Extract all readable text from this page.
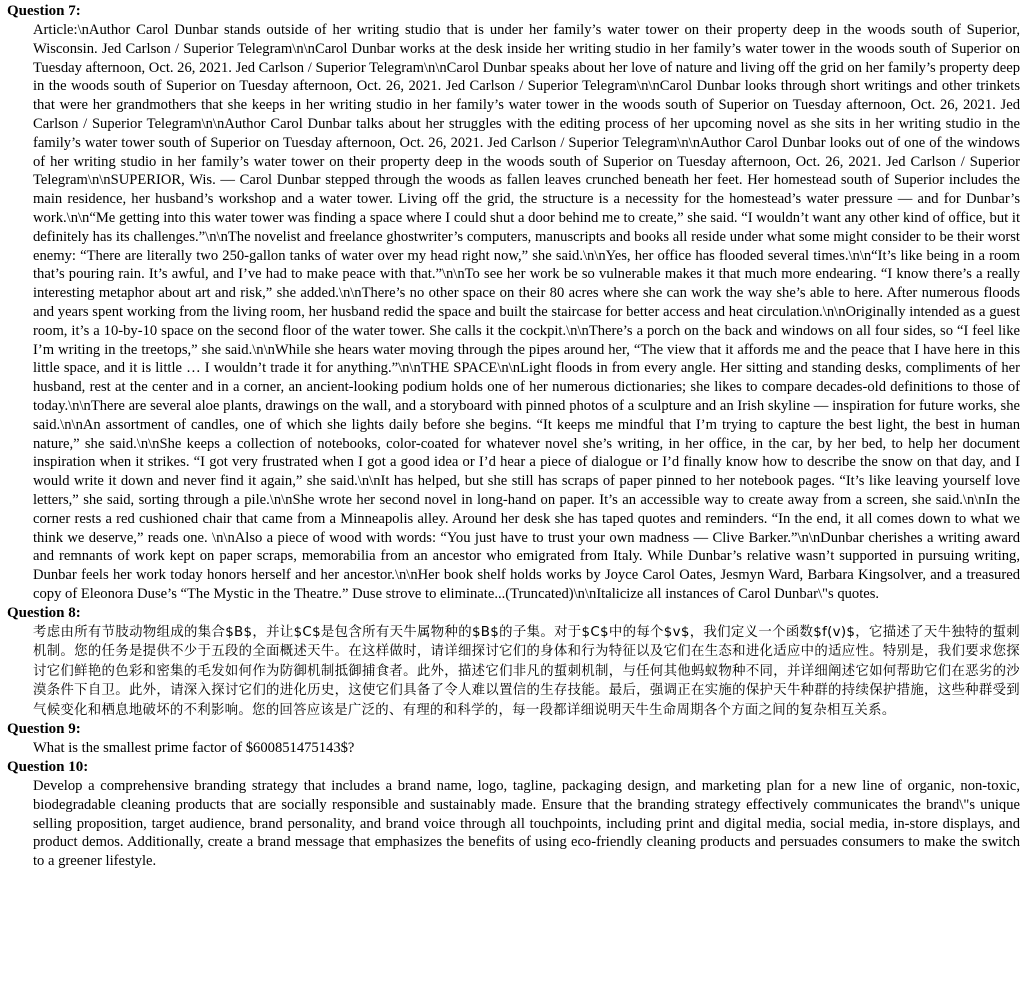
Question 7:

Article:\nAuthor Carol Dunbar stands outside of her writing studio that is under her family’s water tower on their property deep in the woods south of Superior, Wisconsin. Jed Carlson / Superior Telegram\n\nCarol Dunbar works at the desk inside her writing studio in her family’s water tower in the woods south of Superior on Tuesday afternoon, Oct. 26, 2021. Jed Carlson / Superior Telegram\n\nCarol Dunbar speaks about her love of nature and living off the grid on her family’s property deep in the woods south of Superior on Tuesday afternoon, Oct. 26, 2021. Jed Carlson / Superior Telegram\n\nCarol Dunbar looks through short writings and other trinkets that were her grandmothers that she keeps in her writing studio in her family’s water tower in the woods south of Superior on Tuesday afternoon, Oct. 26, 2021. Jed Carlson / Superior Telegram\n\nAuthor Carol Dunbar talks about her struggles with the editing process of her upcoming novel as she sits in her writing studio in the family’s water tower south of Superior on Tuesday afternoon, Oct. 26, 2021. Jed Carlson / Superior Telegram\n\nAuthor Carol Dunbar looks out of one of the windows of her writing studio in her family’s water tower on their property deep in the woods south of Superior on Tuesday afternoon, Oct. 26, 2021. Jed Carlson / Superior Telegram\n\nSUPERIOR, Wis. — Carol Dunbar stepped through the woods as fallen leaves crunched beneath her feet. Her homestead south of Superior includes the main residence, her husband’s workshop and a water tower. Living off the grid, the structure is a necessity for the homestead’s water pressure — and for Dunbar’s work.\n\n“Me getting into this water tower was finding a space where I could shut a door behind me to create,” she said. “I wouldn’t want any other kind of office, but it definitely has its challenges.”\n\nThe novelist and freelance ghostwriter’s computers, manuscripts and books all reside under what some might consider to be their worst enemy: “There are literally two 250-gallon tanks of water over my head right now,” she said.\n\nYes, her office has flooded several times.\n\n“It’s like being in a room that’s pouring rain. It’s awful, and I’ve had to make peace with that.”\n\nTo see her work be so vulnerable makes it that much more endearing. “I know there’s a really interesting metaphor about art and risk,” she added.\n\nThere’s no other space on their 80 acres where she can work the way she’s able to here. After numerous floods and years spent working from the living room, her husband redid the space and built the staircase for better access and heat circulation.\n\nOriginally intended as a guest room, it’s a 10-by-10 space on the second floor of the water tower. She calls it the cockpit.\n\nThere’s a porch on the back and windows on all four sides, so “I feel like I’m writing in the treetops,” she said.\n\nWhile she hears water moving through the pipes around her, “The view that it affords me and the peace that I have here in this little space, and it is little … I wouldn’t trade it for anything.”\n\nTHE SPACE\n\nLight floods in from every angle. Her sitting and standing desks, compliments of her husband, rest at the center and in a corner, an ancient-looking podium holds one of her numerous dictionaries; she likes to compare decades-old definitions to those of today.\n\nThere are several aloe plants, drawings on the wall, and a storyboard with pinned photos of a sculpture and an Irish skyline — inspiration for future works, she said.\n\nAn assortment of candles, one of which she lights daily before she begins. “It keeps me mindful that I’m trying to capture the best light, the best in human nature,” she said.\n\nShe keeps a collection of notebooks, color-coated for whatever novel she’s writing, in her office, in the car, by her bed, to help her document inspiration when it strikes. “I got very frustrated when I got a good idea or I’d hear a piece of dialogue or I’d finally know how to describe the snow on that day, and I would write it down and never find it again,” she said.\n\nIt has helped, but she still has scraps of paper pinned to her notebook pages. “It’s like leaving yourself love letters,” she said, sorting through a pile.\n\nShe wrote her second novel in long-hand on paper. It’s an accessible way to create away from a screen, she said.\n\nIn the corner rests a red cushioned chair that came from a Minneapolis alley. Around her desk she has taped quotes and reminders. “In the end, it all comes down to what we think we deserve,” reads one. \n\nAlso a piece of wood with words: “You just have to trust your own madness — Clive Barker.”\n\nDunbar cherishes a writing award and remnants of work kept on paper scraps, memorabilia from an ancestor who emigrated from Italy. While Dunbar’s relative wasn’t supported in pursuing writing, Dunbar feels her work today honors herself and her ancestor.\n\nHer book shelf holds works by Joyce Carol Oates, Jesmyn Ward, Barbara Kingsolver, and a treasured copy of Eleonora Duse’s “The Mystic in the Theatre.” Duse strove to eliminate...(Truncated)\n\nItalicize all instances of Carol Dunbar\"s quotes.

Question 8:

考虑由所有节肢动物组成的集合$B$，并让$C$是包含所有天牛属物种的$B$的子集。对于$C$中的每个$v$，我们定义一个函数$f(v)$，它描述了天牛独特的蜇刺机制。您的任务是提供不少于五段的全面概述天牛。在这样做时，请详细探讨它们的身体和行为特征以及它们在生态和进化适应中的适应性。特别是，我们要求您探讨它们鲜艳的色彩和密集的毛发如何作为防御机制抵御捕食者。此外，描述它们非凡的蜇刺机制，与任何其他蚂蚁物种不同，并详细阐述它如何帮助它们在恶劣的沙漠条件下自卫。此外，请深入探讨它们的进化历史，这使它们具备了令人难以置信的生存技能。最后，强调正在实施的保护天牛种群的持续保护措施，这些种群受到气候变化和栖息地破坏的不利影响。您的回答应该是广泛的、有理的和科学的，每一段都详细说明天牛生命周期各个方面之间的复杂相互关系。

Question 9:

What is the smallest prime factor of $600851475143$?

Question 10:

Develop a comprehensive branding strategy that includes a brand name, logo, tagline, packaging design, and marketing plan for a new line of organic, non-toxic, biodegradable cleaning products that are socially responsible and sustainably made. Ensure that the branding strategy effectively communicates the brand\"s unique selling proposition, target audience, brand personality, and brand voice through all touchpoints, including print and digital media, social media, in-store displays, and product demos. Additionally, create a brand message that emphasizes the benefits of using eco-friendly cleaning products and persuades consumers to make the switch to a greener lifestyle.
